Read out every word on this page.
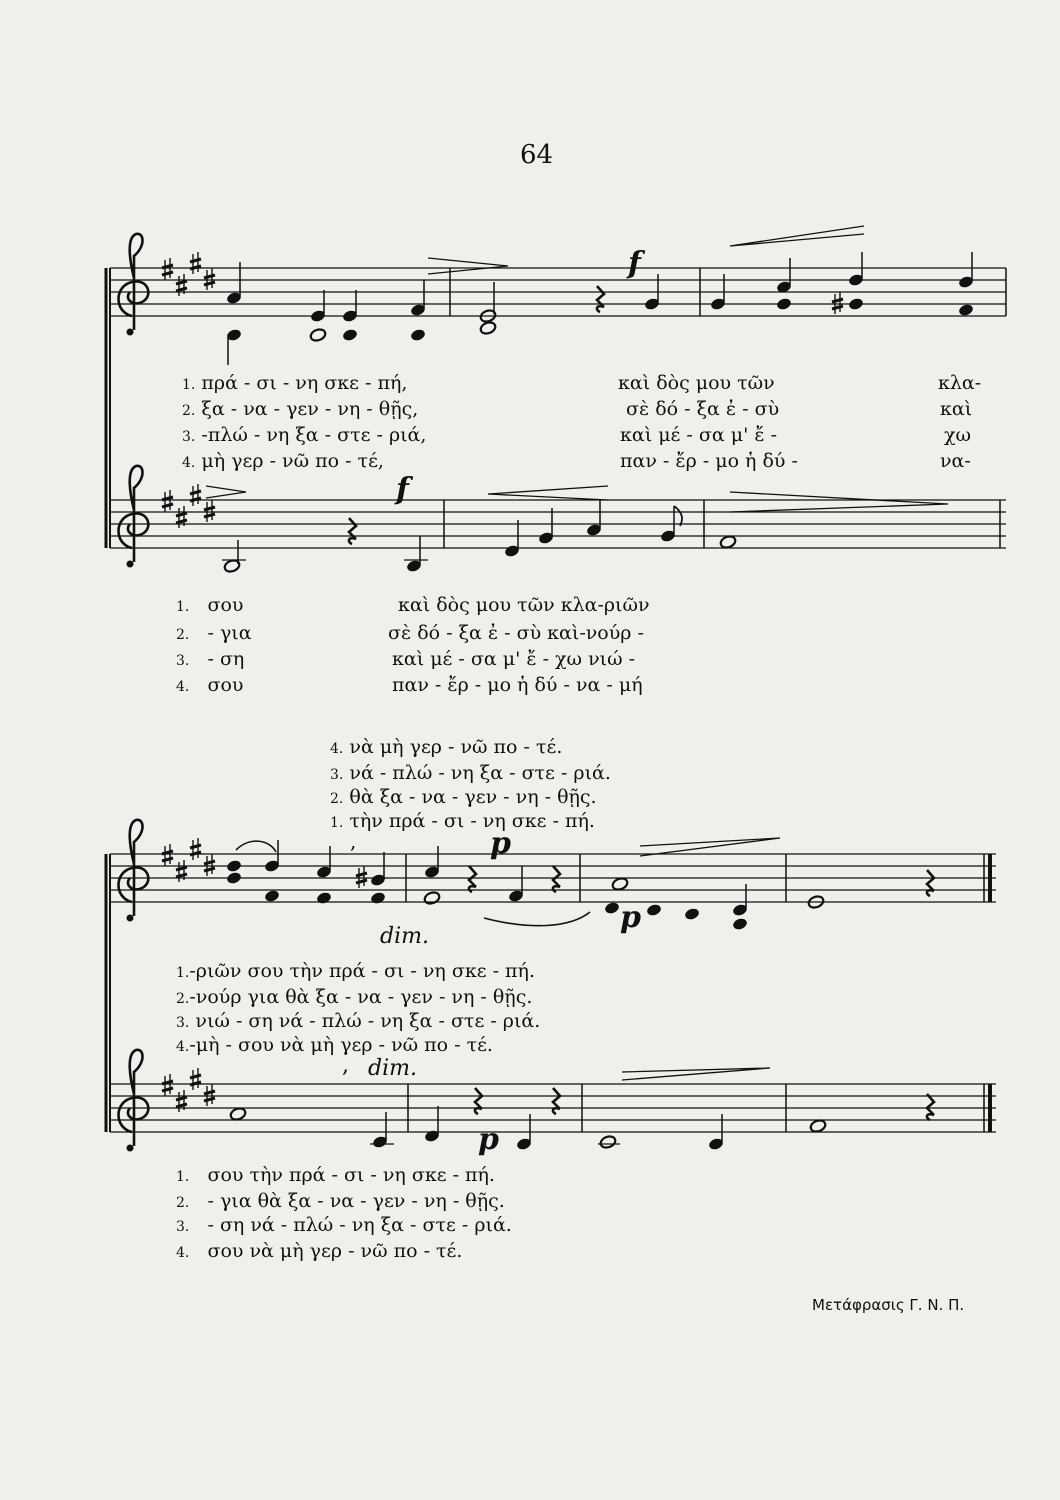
64
,
,
f
f
p
p
p
dim.
dim.
1. πρά - σι - νη σκε - πή,	καὶ δὸς μου τῶν	κλα-
2. ξα - να - γεν - νη - θῇς,	σὲ δό - ξα ἐ - σὺ	καὶ
3. -πλώ - νη ξα - στε - ριά,	καὶ μέ - σα μ' ἔ -	χω
4. μὴ γερ - νῶ πο - τέ,	παν - ἔρ - μο ἡ δύ -	να-
1. σου	καὶ δὸς μου τῶν κλα-ριῶν
2. - για	σὲ δό - ξα ἐ - σὺ καὶ-νούρ -
3. - ση	καὶ μέ - σα μ' ἔ - χω νιώ -
4. σου	παν - ἔρ - μο ἡ δύ - να - μή
4. νὰ μὴ γερ - νῶ πο - τέ.
3. νά - πλώ - νη ξα - στε - ριά.
2. θὰ ξα - να - γεν - νη - θῇς.
1. τὴν πρά - σι - νη σκε - πή.
1.-ριῶν σου τὴν πρά - σι - νη σκε - πή.
2.-νούρ για θὰ ξα - να - γεν - νη - θῇς.
3. νιώ - ση νά - πλώ - νη ξα - στε - ριά.
4.-μὴ - σου νὰ μὴ γερ - νῶ πο - τέ.
1. σου τὴν πρά - σι - νη σκε - πή.
2. - για θὰ ξα - να - γεν - νη - θῇς.
3. - ση νά - πλώ - νη ξα - στε - ριά.
4. σου νὰ μὴ γερ - νῶ πο - τέ.
Μετάφρασις Γ. Ν. Π.
